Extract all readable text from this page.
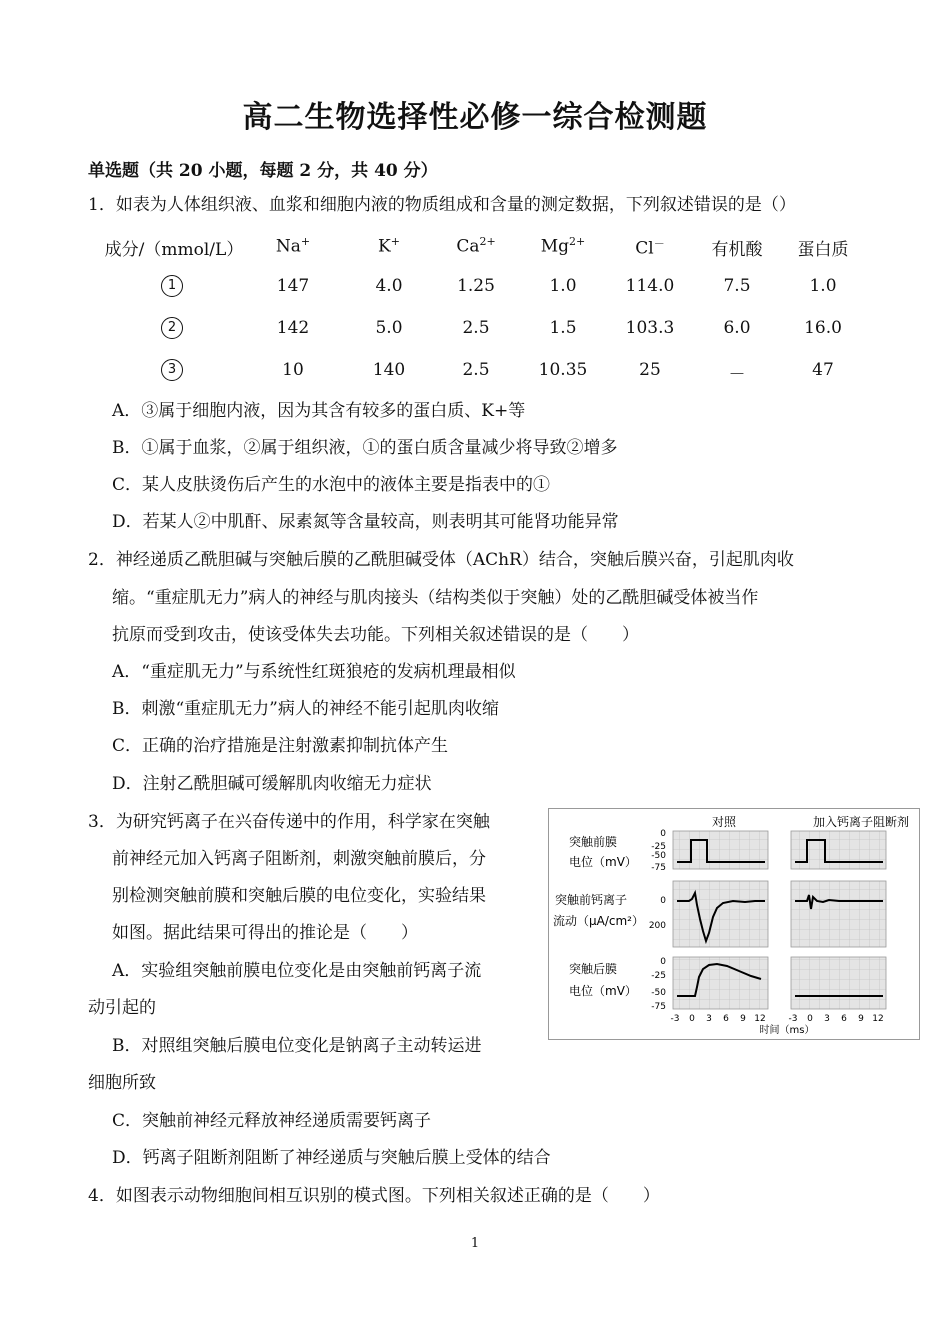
高二生物选择性必修一综合检测题
单选题（共 20 小题，每题 2 分，共 40 分）
1．如表为人体组织液、血浆和细胞内液的物质组成和含量的测定数据，下列叙述错误的是（）
成分/（mmol/L）	Na+	K+	$Ca^{2+}$	$Mg^{2+}$	Cl－	有机酸	蛋白质
1	147	4.0	1.25	1.0	114.0	7.5	1.0
2	142	5.0	2.5	1.5	103.3	6.0	16.0
3	10	140	2.5	10.35	25	－	47
A．③属于细胞内液，因为其含有较多的蛋白质、K+等
B．①属于血浆，②属于组织液，①的蛋白质含量减少将导致②增多
C．某人皮肤烫伤后产生的水泡中的液体主要是指表中的①
D．若某人②中肌酐、尿素氮等含量较高，则表明其可能肾功能异常
2．神经递质乙酰胆碱与突触后膜的乙酰胆碱受体（AChR）结合，突触后膜兴奋，引起肌肉收
缩。“重症肌无力”病人的神经与肌肉接头（结构类似于突触）处的乙酰胆碱受体被当作
抗原而受到攻击，使该受体失去功能。下列相关叙述错误的是（　　）
A．“重症肌无力”与系统性红斑狼疮的发病机理最相似
B．刺激“重症肌无力”病人的神经不能引起肌肉收缩
C．正确的治疗措施是注射激素抑制抗体产生
D．注射乙酰胆碱可缓解肌肉收缩无力症状
3．为研究钙离子在兴奋传递中的作用，科学家在突触
前神经元加入钙离子阻断剂，刺激突触前膜后，分
别检测突触前膜和突触后膜的电位变化，实验结果
如图。据此结果可得出的推论是（　　）
A．实验组突触前膜电位变化是由突触前钙离子流
动引起的
B．对照组突触后膜电位变化是钠离子主动转运进
细胞所致
C．突触前神经元释放神经递质需要钙离子
D．钙离子阻断剂阻断了神经递质与突触后膜上受体的结合
对照	加入钙离子阻断剂
突触前膜
电位（mV）
突触前钙离子
流动（μA/cm²）
突触后膜
电位（mV）
0
-25
-50
-75
0
200
0
-25
-50
-75
-3 0 3 6 9 12	-3 0 3 6 9 12
时间（ms）
4．如图表示动物细胞间相互识别的模式图。下列相关叙述正确的是（　　）
1
